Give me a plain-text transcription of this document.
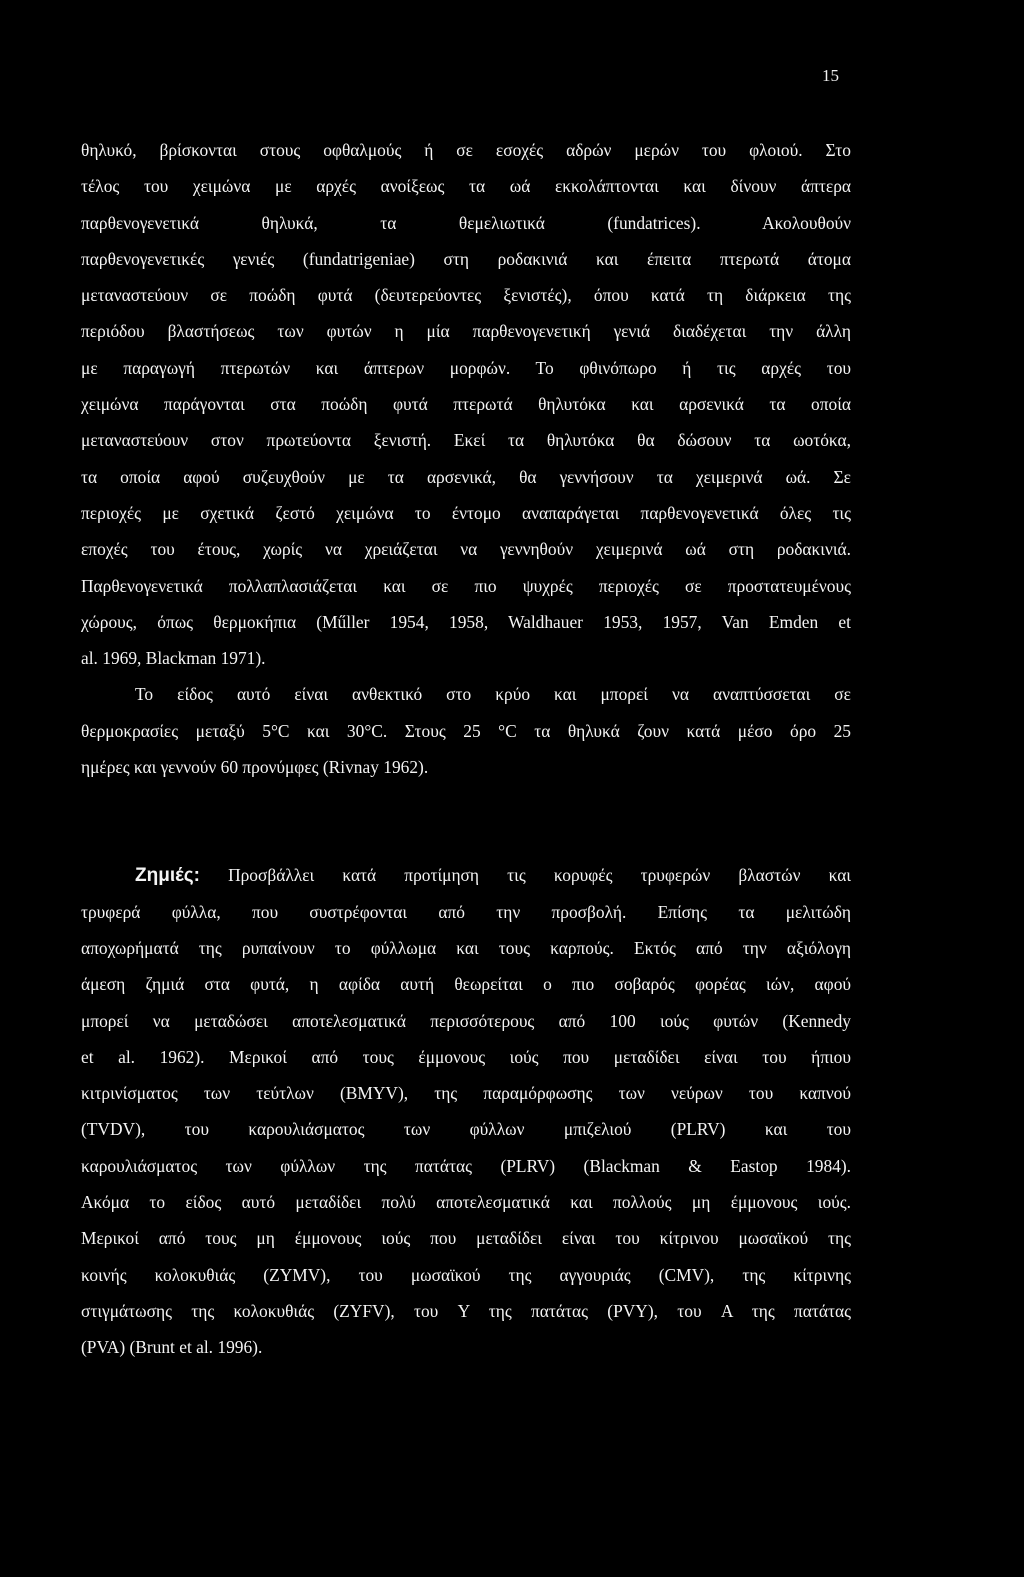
15
θηλυκό, βρίσκονται στους οφθαλμούς ή σε εσοχές αδρών μερών του φλοιού. Στο
τέλος του χειμώνα με αρχές ανοίξεως τα ωά εκκολάπτονται και δίνουν άπτερα
παρθενογενετικά θηλυκά, τα θεμελιωτικά (fundatrices). Ακολουθούν
παρθενογενετικές γενιές (fundatrigeniae) στη ροδακινιά και έπειτα πτερωτά άτομα
μεταναστεύουν σε ποώδη φυτά (δευτερεύοντες ξενιστές), όπου κατά τη διάρκεια της
περιόδου βλαστήσεως των φυτών η μία παρθενογενετική γενιά διαδέχεται την άλλη
με παραγωγή πτερωτών και άπτερων μορφών. Το φθινόπωρο ή τις αρχές του
χειμώνα παράγονται στα ποώδη φυτά πτερωτά θηλυτόκα και αρσενικά τα οποία
μεταναστεύουν στον πρωτεύοντα ξενιστή. Εκεί τα θηλυτόκα θα δώσουν τα ωοτόκα,
τα οποία αφού συζευχθούν με τα αρσενικά, θα γεννήσουν τα χειμερινά ωά. Σε
περιοχές με σχετικά ζεστό χειμώνα το έντομο αναπαράγεται παρθενογενετικά όλες τις
εποχές του έτους, χωρίς να χρειάζεται να γεννηθούν χειμερινά ωά στη ροδακινιά.
Παρθενογενετικά πολλαπλασιάζεται και σε πιο ψυχρές περιοχές σε προστατευμένους
χώρους, όπως θερμοκήπια (Műller 1954, 1958, Waldhauer 1953, 1957, Van Emden et
al. 1969, Blackman 1971).
Το είδος αυτό είναι ανθεκτικό στο κρύο και μπορεί να αναπτύσσεται σε
θερμοκρασίες μεταξύ 5°C και 30°C. Στους 25 °C τα θηλυκά ζουν κατά μέσο όρο 25
ημέρες και γεννούν 60 προνύμφες (Rivnay 1962).
Ζημιές: Προσβάλλει κατά προτίμηση τις κορυφές τρυφερών βλαστών και
τρυφερά φύλλα, που συστρέφονται από την προσβολή. Επίσης τα μελιτώδη
αποχωρήματά της ρυπαίνουν το φύλλωμα και τους καρπούς. Εκτός από την αξιόλογη
άμεση ζημιά στα φυτά, η αφίδα αυτή θεωρείται ο πιο σοβαρός φορέας ιών, αφού
μπορεί να μεταδώσει αποτελεσματικά περισσότερους από 100 ιούς φυτών (Kennedy
et al. 1962). Μερικοί από τους έμμονους ιούς που μεταδίδει είναι του ήπιου
κιτρινίσματος των τεύτλων (BMYV), της παραμόρφωσης των νεύρων του καπνού
(TVDV), του καρουλιάσματος των φύλλων μπιζελιού (PLRV) και του
καρουλιάσματος των φύλλων της πατάτας (PLRV) (Blackman & Eastop 1984).
Ακόμα το είδος αυτό μεταδίδει πολύ αποτελεσματικά και πολλούς μη έμμονους ιούς.
Μερικοί από τους μη έμμονους ιούς που μεταδίδει είναι του κίτρινου μωσαϊκού της
κοινής κολοκυθιάς (ZYMV), του μωσαϊκού της αγγουριάς (CMV), της κίτρινης
στιγμάτωσης της κολοκυθιάς (ZYFV), του Y της πατάτας (PVY), του A της πατάτας
(PVA) (Brunt et al. 1996).
